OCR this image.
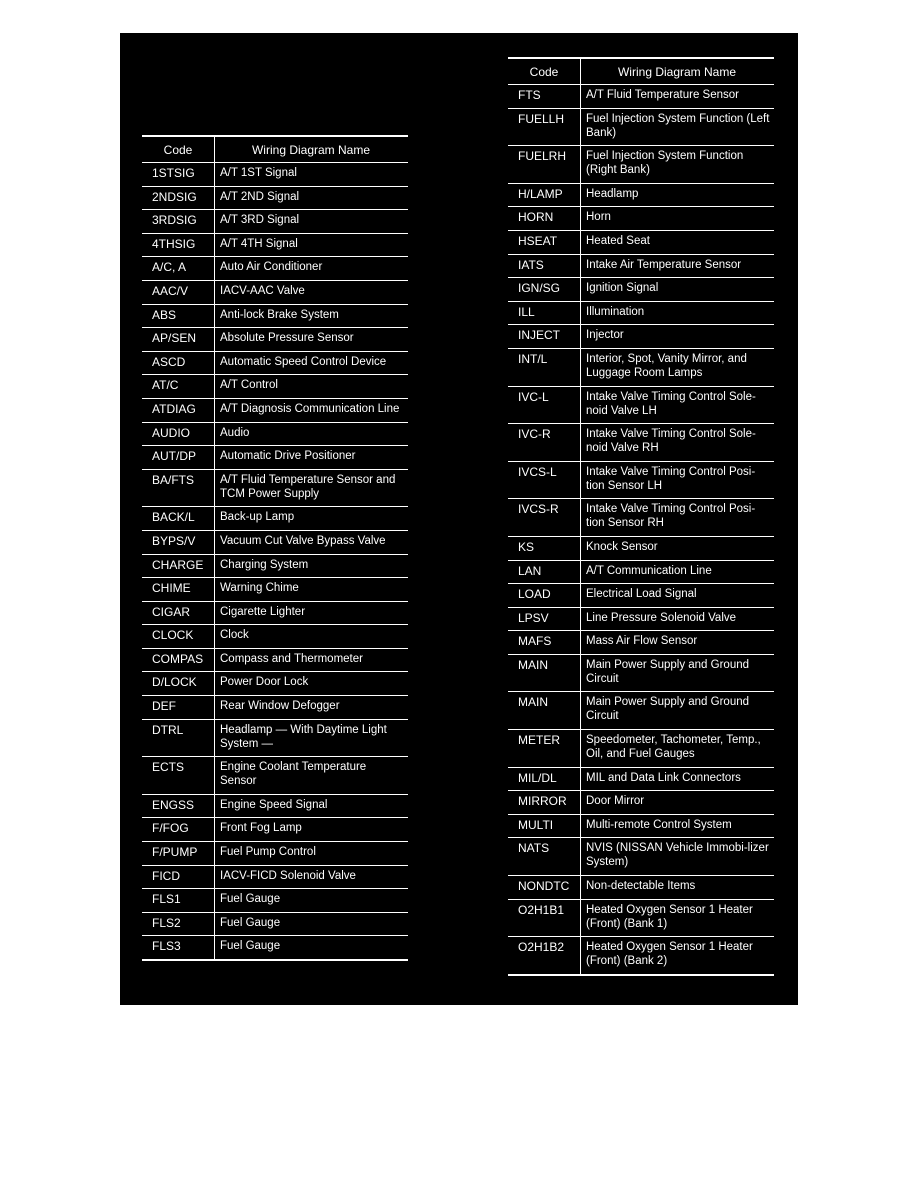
Code	Wiring Diagram Name
1STSIG	A/T 1ST Signal
2NDSIG	A/T 2ND Signal
3RDSIG	A/T 3RD Signal
4THSIG	A/T 4TH Signal
A/C, A	Auto Air Conditioner
AAC/V	IACV-AAC Valve
ABS	Anti-lock Brake System
AP/SEN	Absolute Pressure Sensor
ASCD	Automatic Speed Control Device
AT/C	A/T Control
ATDIAG	A/T Diagnosis Communication Line
AUDIO	Audio
AUT/DP	Automatic Drive Positioner
BA/FTS	A/T Fluid Temperature Sensor and TCM Power Supply
BACK/L	Back-up Lamp
BYPS/V	Vacuum Cut Valve Bypass Valve
CHARGE	Charging System
CHIME	Warning Chime
CIGAR	Cigarette Lighter
CLOCK	Clock
COMPAS	Compass and Thermometer
D/LOCK	Power Door Lock
DEF	Rear Window Defogger
DTRL	Headlamp — With Daytime Light System —
ECTS	Engine Coolant Temperature Sensor
ENGSS	Engine Speed Signal
F/FOG	Front Fog Lamp
F/PUMP	Fuel Pump Control
FICD	IACV-FICD Solenoid Valve
FLS1	Fuel Gauge
FLS2	Fuel Gauge
FLS3	Fuel Gauge
Code	Wiring Diagram Name
FTS	A/T Fluid Temperature Sensor
FUELLH	Fuel Injection System Function (Left Bank)
FUELRH	Fuel Injection System Function (Right Bank)
H/LAMP	Headlamp
HORN	Horn
HSEAT	Heated Seat
IATS	Intake Air Temperature Sensor
IGN/SG	Ignition Signal
ILL	Illumination
INJECT	Injector
INT/L	Interior, Spot, Vanity Mirror, and Luggage Room Lamps
IVC-L	Intake Valve Timing Control Sole-noid Valve LH
IVC-R	Intake Valve Timing Control Sole-noid Valve RH
IVCS-L	Intake Valve Timing Control Posi-tion Sensor LH
IVCS-R	Intake Valve Timing Control Posi-tion Sensor RH
KS	Knock Sensor
LAN	A/T Communication Line
LOAD	Electrical Load Signal
LPSV	Line Pressure Solenoid Valve
MAFS	Mass Air Flow Sensor
MAIN	Main Power Supply and Ground Circuit
MAIN	Main Power Supply and Ground Circuit
METER	Speedometer, Tachometer, Temp., Oil, and Fuel Gauges
MIL/DL	MIL and Data Link Connectors
MIRROR	Door Mirror
MULTI	Multi-remote Control System
NATS	NVIS (NISSAN Vehicle Immobi-lizer System)
NONDTC	Non-detectable Items
O2H1B1	Heated Oxygen Sensor 1 Heater (Front) (Bank 1)
O2H1B2	Heated Oxygen Sensor 1 Heater (Front) (Bank 2)
